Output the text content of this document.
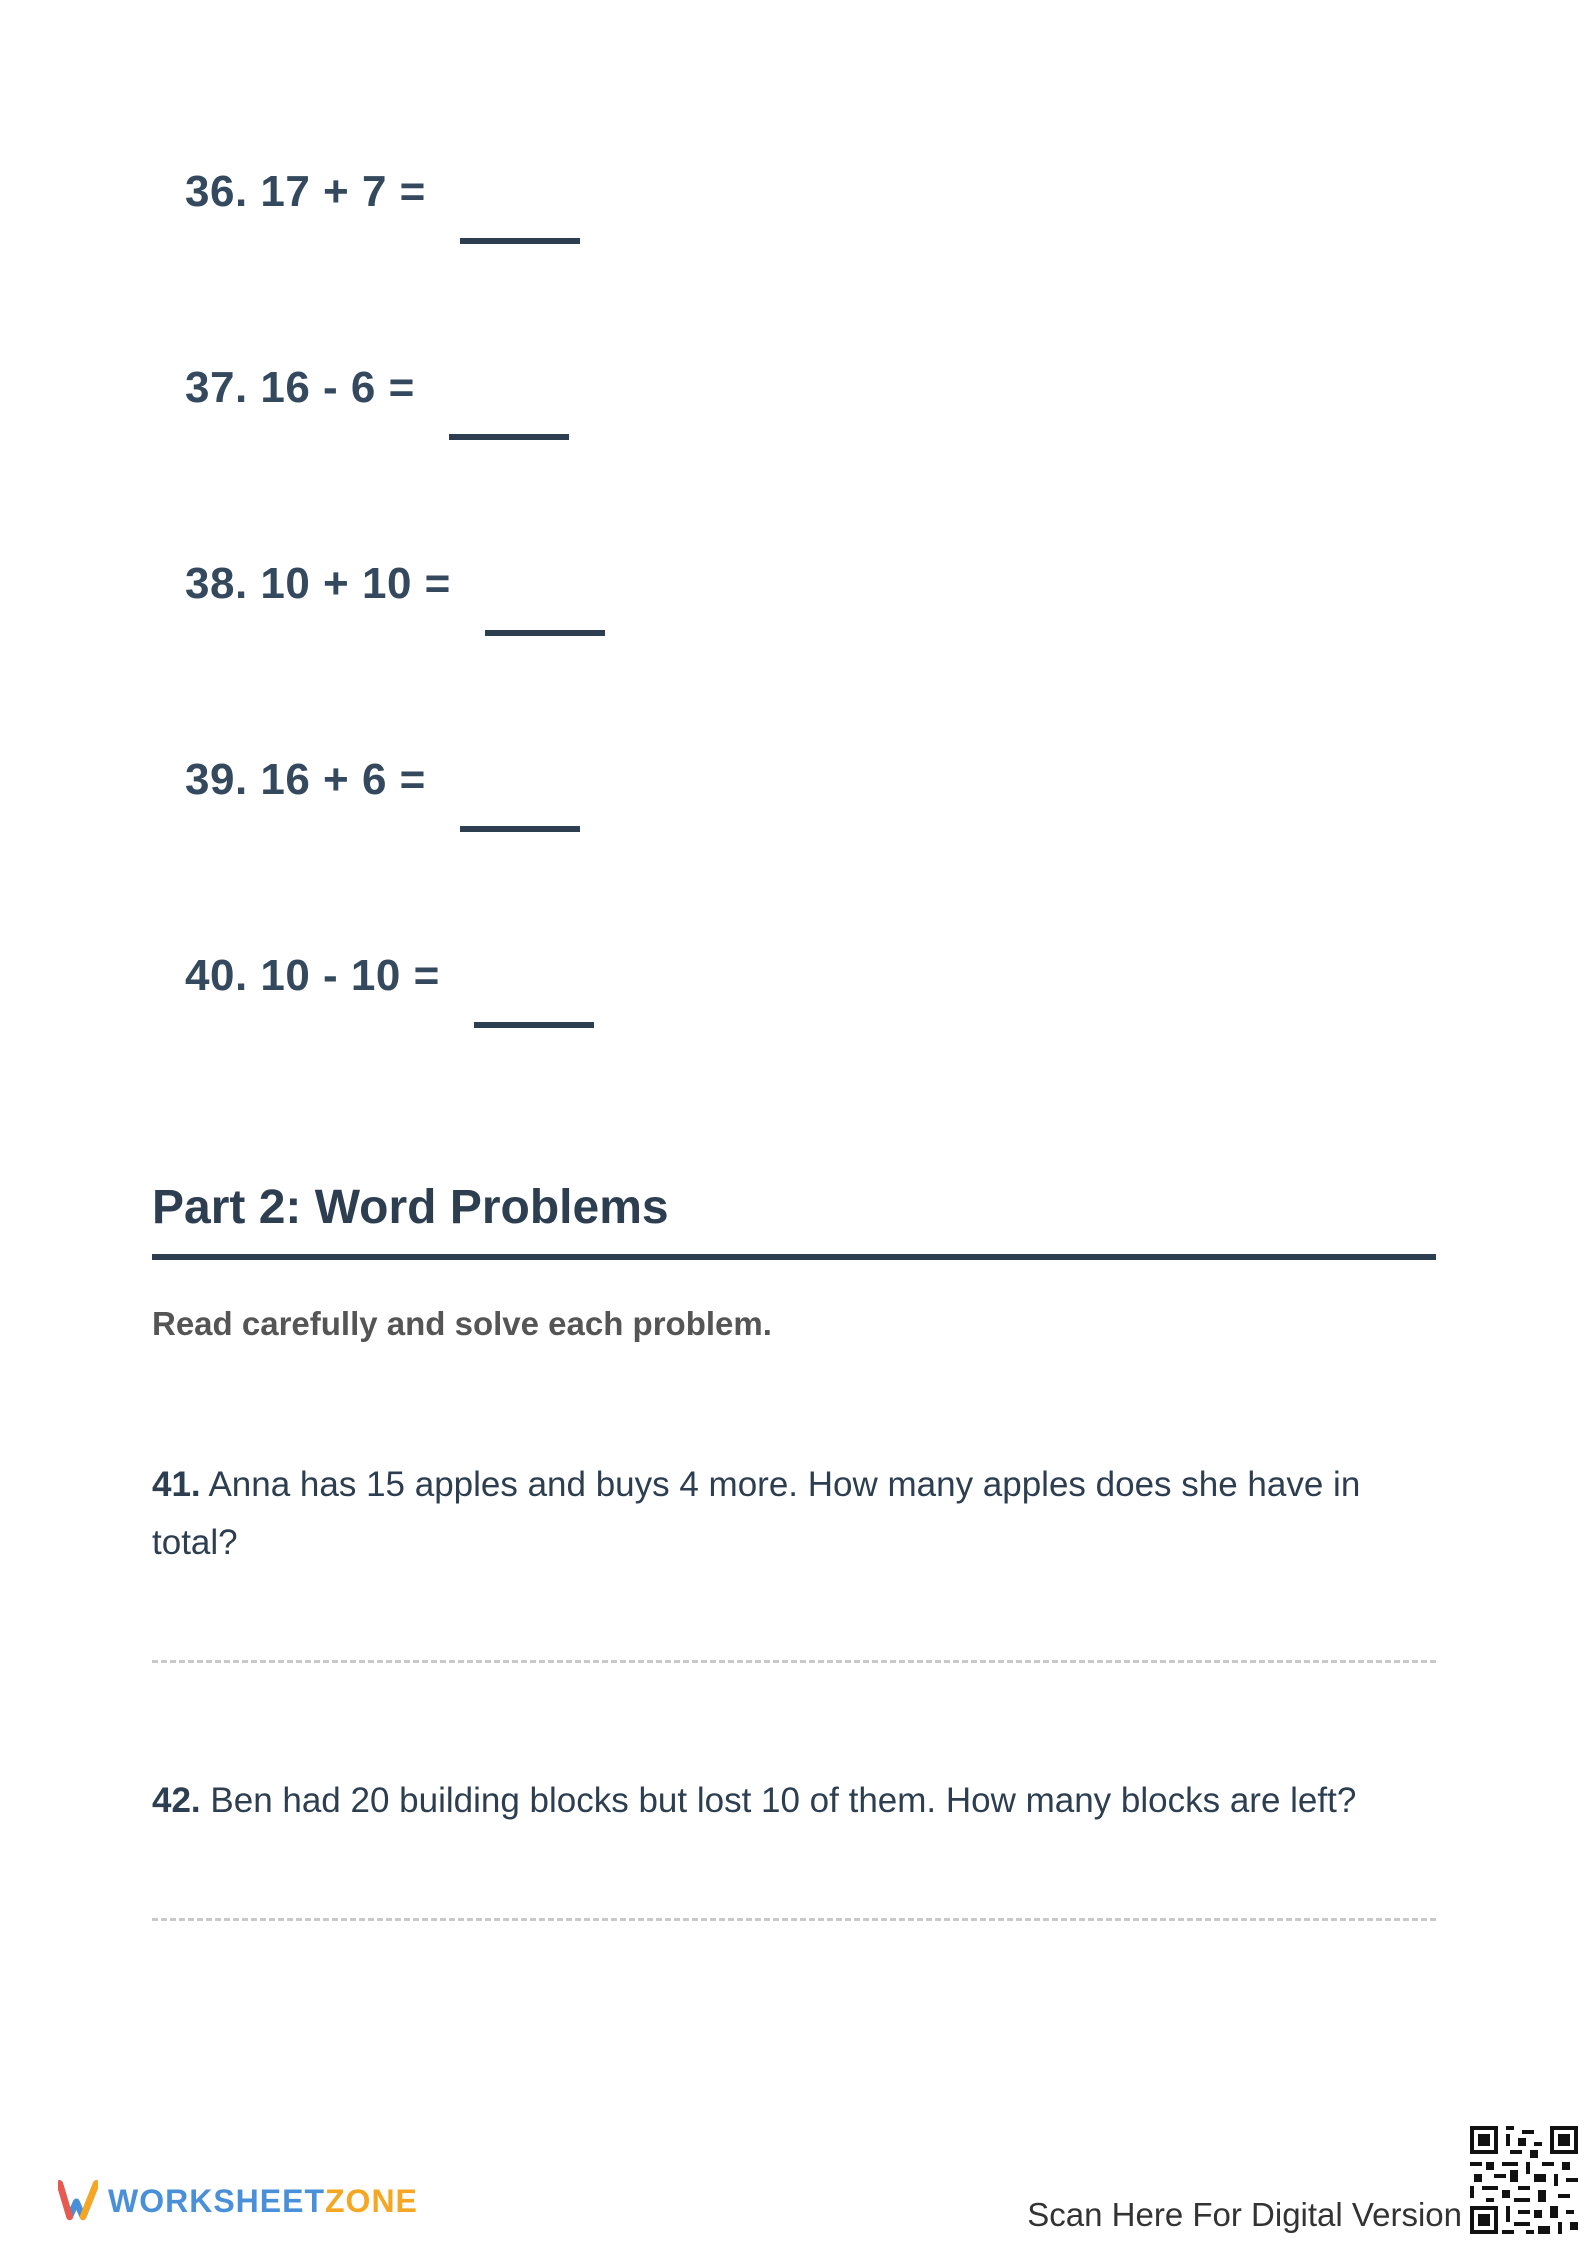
36. 17 + 7 =
37. 16 - 6 =
38. 10 + 10 =
39. 16 + 6 =
40. 10 - 10 =
Part 2: Word Problems
Read carefully and solve each problem.
41. Anna has 15 apples and buys 4 more. How many apples does she have in total?
42. Ben had 20 building blocks but lost 10 of them. How many blocks are left?
WORKSHEETZONE	Scan Here For Digital Version
